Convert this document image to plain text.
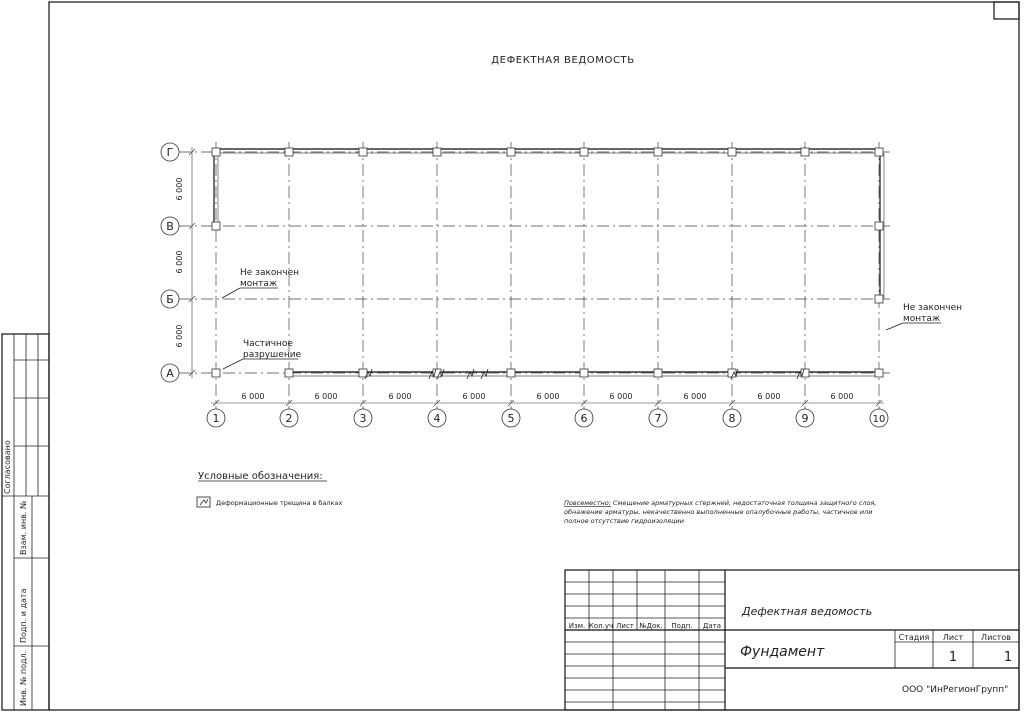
ДЕФЕКТНАЯ ВЕДОМОСТЬ
Г
В
Б
А
1	2	3	4	5	6	7	8	9	10
6 000	6 000	6 000	6 000	6 000	6 000	6 000	6 000	6 000
6 000
6 000
6 000
Не закончен
монтаж
Не закончен
монтаж
Частичное
разрушение
Условные обозначения:
Деформационные трещина в балках	Повсеместно: Смещение арматурных стержней, недостаточная толщина защитного слоя,
обнажение арматуры, некачественно выполненные опалубочные работы, частичное или
полное отсутствие гидроизоляции
Согласовано
Взам. инв. №
Подп. и дата
Инв. № подл.
Изм. Кол.уч Лист №Док. Подп. Дата
Дефектная ведомость
Фундамент
Стадия Лист Листов
1	1
ООО "ИнРегионГрупп"
